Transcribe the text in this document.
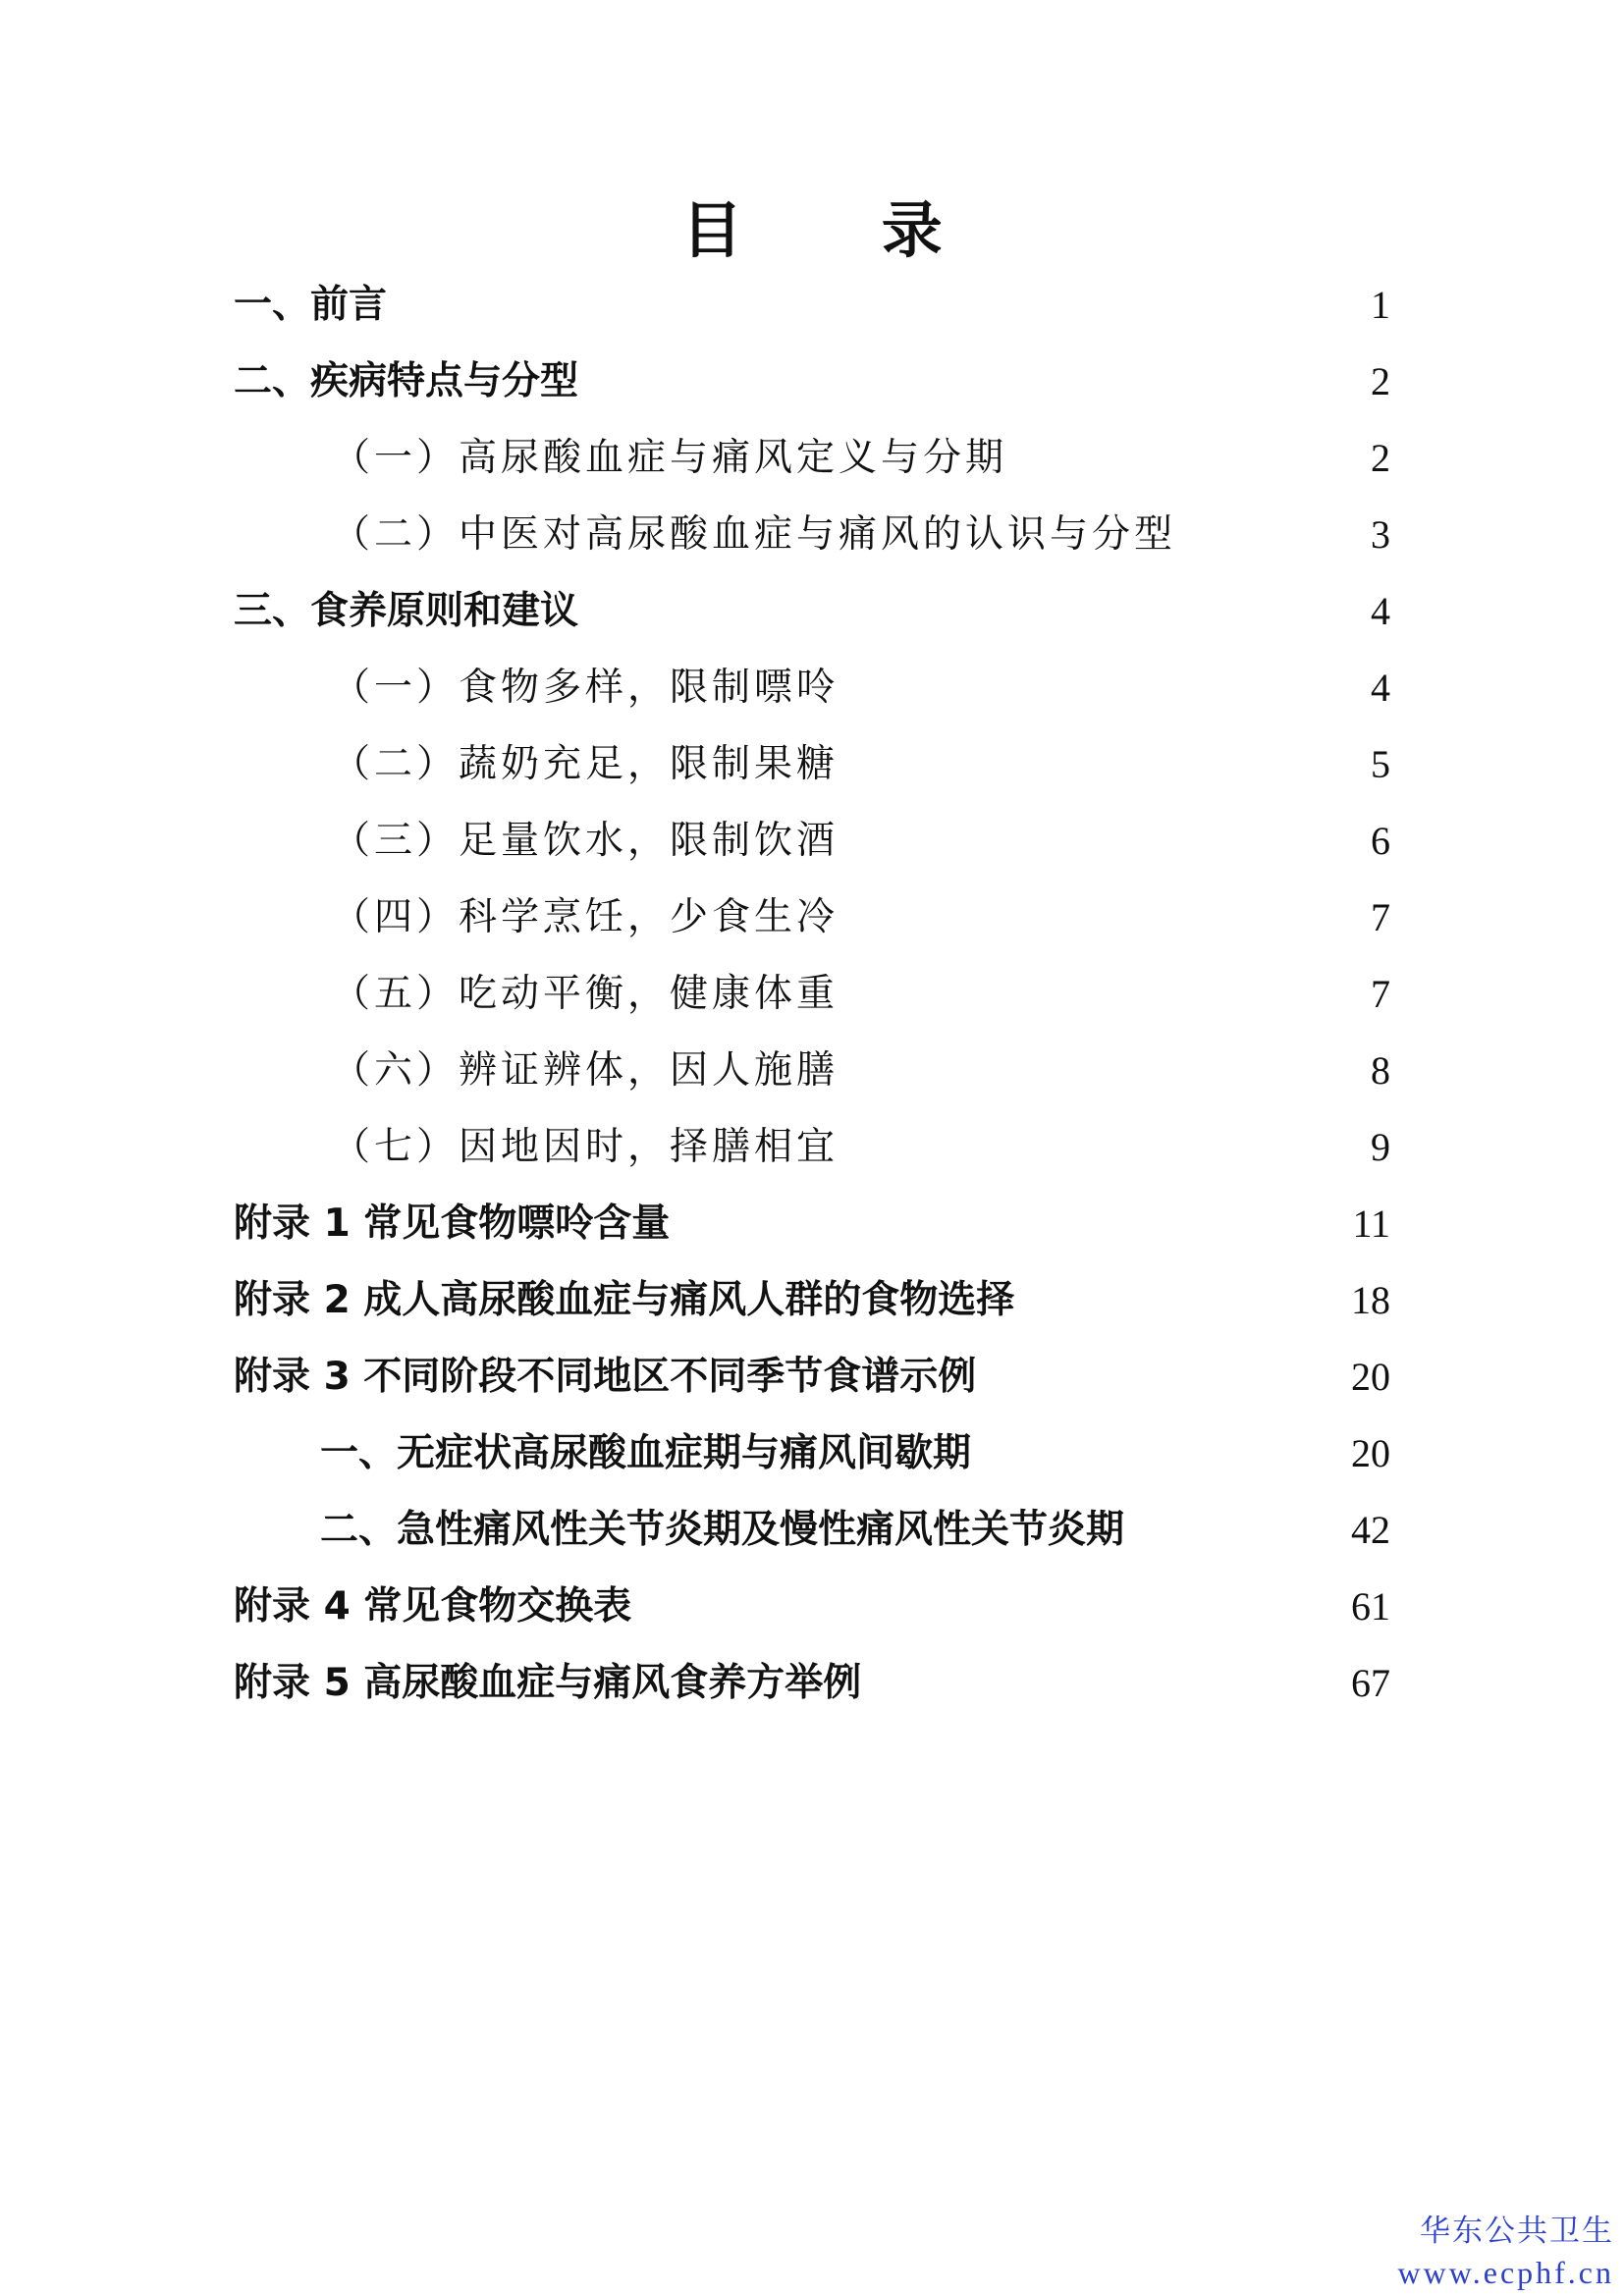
目 录
一、前言	1
二、疾病特点与分型	2
（一）高尿酸血症与痛风定义与分期	2
（二）中医对高尿酸血症与痛风的认识与分型	3
三、食养原则和建议	4
（一）食物多样，限制嘌呤	4
（二）蔬奶充足，限制果糖	5
（三）足量饮水，限制饮酒	6
（四）科学烹饪，少食生冷	7
（五）吃动平衡，健康体重	7
（六）辨证辨体，因人施膳	8
（七）因地因时，择膳相宜	9
附录 1 常见食物嘌呤含量	11
附录 2 成人高尿酸血症与痛风人群的食物选择	18
附录 3 不同阶段不同地区不同季节食谱示例	20
一、无症状高尿酸血症期与痛风间歇期	20
二、急性痛风性关节炎期及慢性痛风性关节炎期	42
附录 4 常见食物交换表	61
附录 5 高尿酸血症与痛风食养方举例	67
华东公共卫生
www.ecphf.cn
